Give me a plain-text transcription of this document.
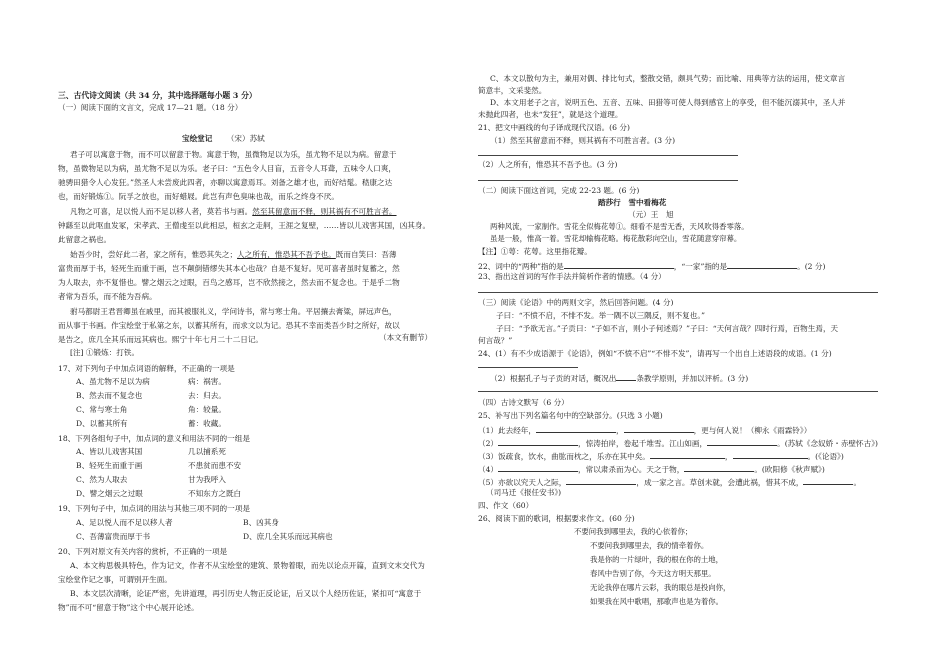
三、古代诗文阅读（共 34 分，其中选择题每小题 3 分）
（一）阅读下面的文言文，完成 17—21 题。（18 分）
宝绘堂记 （宋）苏轼
君子可以寓意于物，而不可以留意于物。寓意于物，虽微物足以为乐，虽尤物不足以为病。留意于
物，虽微物足以为病，虽尤物不足以为乐。老子曰：“五色令人目盲，五音令人耳聋，五味令人口爽，
驰骋田猎令人心发狂。”然圣人未尝废此四者，亦聊以寓意焉耳。刘备之雄才也，而好结髦。嵇康之达
也，而好锻炼①。阮孚之放也，而好蜡屐。此岂有声色臭味也哉，而乐之终身不厌。
凡物之可喜，足以悦人而不足以移人者，莫若书与画。然至其留意而不释，则其祸有不可胜言者。
钟繇至以此呕血发冢，宋孝武、王僧虔至以此相忌，桓玄之走舸，王涯之复壁，……皆以儿戏害其国，凶其身。
此留意之祸也。
始吾少时，尝好此二者，家之所有，惟恐其失之；人之所有，惟恐其不吾予也。既而自笑曰：吾薄
富贵而厚于书，轻死生而重于画，岂不颠倒错缪失其本心也哉？自是不复好。见可喜者虽时复蓄之，然
为人取去，亦不复惜也。譬之烟云之过眼，百鸟之感耳，岂不欣然接之，然去而不复念也。于是乎二物
者常为吾乐，而不能为吾病。
驸马都尉王君晋卿虽在戚里，而其被服礼义，学问诗书，常与寒士角。平居攘去膏粱，屏远声色，
而从事于书画。作宝绘堂于私第之东，以蓄其所有，而求文以为记。恐其不幸而类吾少时之所好，故以
是告之，庶几全其乐而远其病也。熙宁十年七月二十二日记。	（本文有删节）
[注] ①锻炼：打铁。
17、对下列句子中加点词语的解释，不正确的一项是
A、虽尤物不足以为病	病：祸害。
B、然去而不复念也	去：归去。
C、常与寒士角	角：较量。
D、以蓄其所有	蓄：收藏。
18、下列各组句子中，加点词的意义和用法不同的一组是
A、皆以儿戏害其国	几以捕系死
B、轻死生而重于画	不患贫而患不安
C、然为人取去	甘为我呼入
D、譬之烟云之过眼	不知东方之既白
19、下列句子中，加点词的用法与其他三项不同的一项是
A、足以悦人而不足以移人者	B、凶其身
C、吾薄富贵而厚于书	D、庶几全其乐而远其病也
20、下列对原文有关内容的赏析，不正确的一项是
A、本文构思极具特色，作为记文，作者不从宝绘堂的建筑、景物着眼，而先以论点开篇，直到文末交代为
宝绘堂作记之事，可谓别开生面。
B、本文层次清晰，论证严密，先讲道理，再引历史人物正反论证，后又以个人经历佐证，紧扣可“寓意于
物”而不可“留意于物”这个中心展开论述。
C、本文以散句为主，兼用对偶、排比句式，整散交错，颇具气势；而比喻、用典等方法的运用，使文章言
简意丰，文采斐然。
D、本文用老子之言，说明五色、五音、五味、田猎等可使人得到感官上的享受，但不能沉溺其中，圣人并
未抛此四者，也未“发狂”，就是这个道理。
21、把文中画线的句子译成现代汉语。(6 分)
（1）然至其留意而不释，则其祸有不可胜言者。(3 分)
（2）人之所有，惟恐其不吾予也。(3 分)
（二）阅读下面这首词，完成 22-23 题。(6 分)
踏莎行　雪中看梅花
（元）王　旭
两种风流，一家制作。雪花全似梅花萼①。细看不是雪无香，天风吹得香零落。
虽是一般，惟高一着。雪花却输梅花略。梅花散彩向空山，雪花随意穿帘幕。
【注】①萼：花萼。这里指花瓣。
22、词中的“两种”指的是	，“一家”指的是	。(2 分)
23、指出这首词的写作手法并简析作者的情感。（4 分）
（三）阅读《论语》中的两则文字，然后回答问题。(4 分)
子曰：“不愤不启，不悱不发。举一隅不以三隅反，则不复也。”
子曰：“予欲无言。”子贡曰：“子如不言，则小子何述焉？”子曰：“天何言哉？四时行焉，百物生焉，天
何言哉？”
24、(1）有不少成语源于《论语》，例如“不愤不启”“不悱不发”，请再写一个出自上述语段的成语。(1 分)
（2）根据孔子与子贡的对话，概况出	条教学原则，并加以评析。(3 分)
（四）古诗文默写（6 分）
25、补写出下列名篇名句中的空缺部分。(只选 3 小题)
（1）此去经年，	，	，更与何人说！（柳永《雨霖铃》）
（2）	，惊涛拍岸，卷起千堆雪。江山如画，	。(苏轼《念奴娇・赤壁怀古》)
（3）饭疏食，饮水，曲肱而枕之，乐亦在其中矣。	，	。(《论语》)
（4）	，常以肃杀而为心。天之于物，	。(欧阳修《秋声赋》)
（5）亦欲以究天人之际，	，成一家之言。草创未就，会遭此祸，惜其不成，	。
（司马迁《报任安书》)
四、作文（60）
26、阅读下面的歌词，根据要求作文。(60 分)
不要问我到哪里去，我的心依着你；
不要问我到哪里去，我的情牵着你。
我是你的一片绿叶，我的根在你的土地，
春风中告别了你，今天这方明天那里。
无论我停在哪片云彩，我的眼总是投向你，
如果我在风中歌唱，那歌声也是为着你。
